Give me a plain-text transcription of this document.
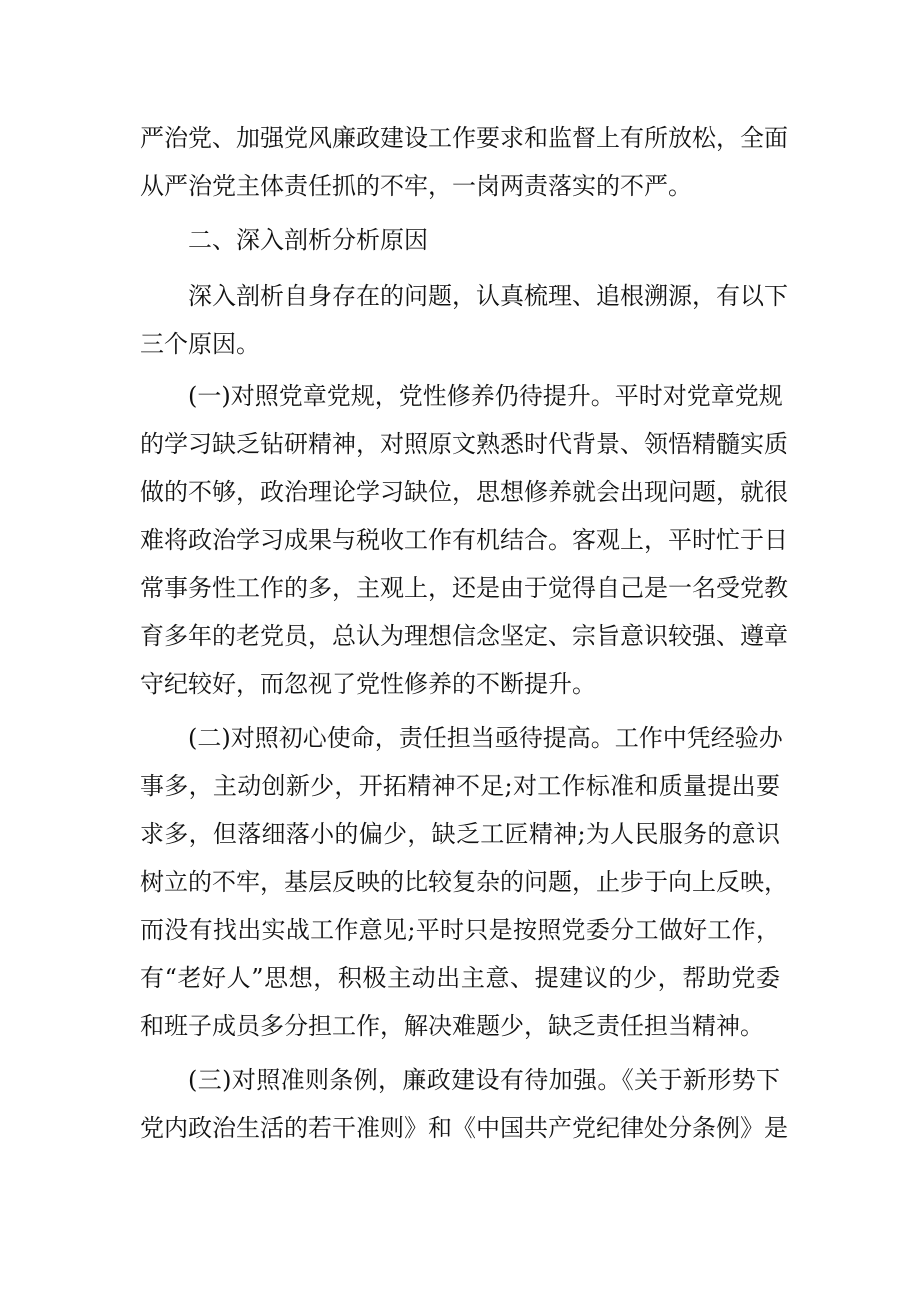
严治党、加强党风廉政建设工作要求和监督上有所放松，全面

从严治党主体责任抓的不牢，一岗两责落实的不严。

二、深入剖析分析原因

深入剖析自身存在的问题，认真梳理、追根溯源，有以下

三个原因。

(一)对照党章党规，党性修养仍待提升。平时对党章党规

的学习缺乏钻研精神，对照原文熟悉时代背景、领悟精髓实质

做的不够，政治理论学习缺位，思想修养就会出现问题，就很

难将政治学习成果与税收工作有机结合。客观上，平时忙于日

常事务性工作的多，主观上，还是由于觉得自己是一名受党教

育多年的老党员，总认为理想信念坚定、宗旨意识较强、遵章

守纪较好，而忽视了党性修养的不断提升。

(二)对照初心使命，责任担当亟待提高。工作中凭经验办

事多，主动创新少，开拓精神不足;对工作标准和质量提出要

求多，但落细落小的偏少，缺乏工匠精神;为人民服务的意识

树立的不牢，基层反映的比较复杂的问题，止步于向上反映，

而没有找出实战工作意见;平时只是按照党委分工做好工作，

有“老好人”思想，积极主动出主意、提建议的少，帮助党委

和班子成员多分担工作，解决难题少，缺乏责任担当精神。

(三)对照准则条例，廉政建设有待加强。《关于新形势下

党内政治生活的若干准则》和《中国共产党纪律处分条例》是
